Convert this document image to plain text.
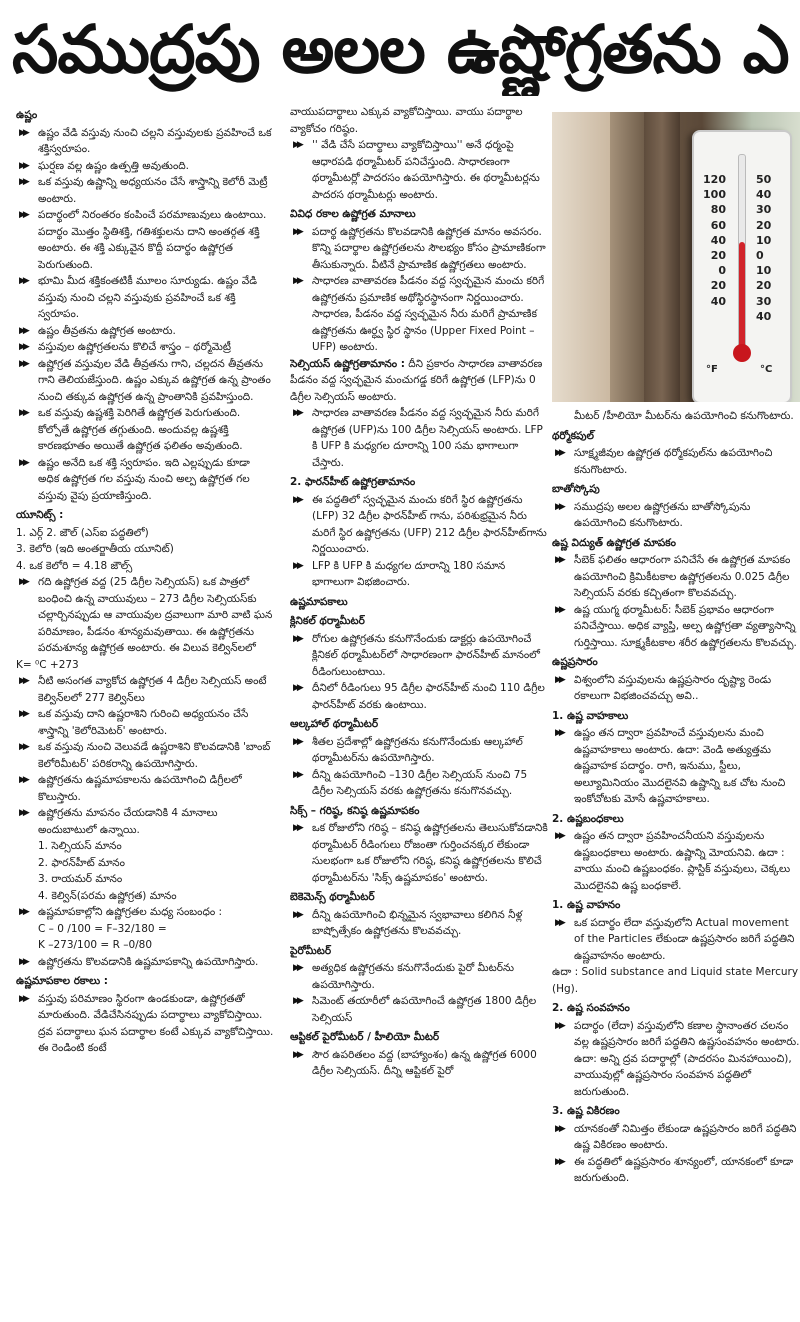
సముద్రపు అలల ఉష్ణోగ్రతను ఎ
ఉష్ణం
▶▶ ఉష్ణం వేడి వస్తువు నుంచి చల్లని వస్తువులకు ప్రవహించే ఒక శక్తిస్వరూపం.
▶▶ ఘర్షణ వల్ల ఉష్ణం ఉత్పత్తి అవుతుంది.
▶▶ ఒక వస్తువు ఉష్ణాన్ని అధ్యయనం చేసే శాస్త్రాన్ని కెలోరీ మెట్రీ అంటారు.
▶▶ పదార్థంలో నిరంతరం కంపించే పరమాణువులు ఉంటాయి. పదార్థం మొత్తం స్థితిశక్తి, గతిశక్తులను దాని అంతర్గత శక్తి అంటారు. ఈ శక్తి ఎక్కువైన కొద్దీ పదార్థం ఉష్ణోగ్రత పెరుగుతుంది.
▶▶ భూమి మీద శక్తికంతటికీ మూలం సూర్యుడు. ఉష్ణం వేడి వస్తువు నుంచి చల్లని వస్తువుకు ప్రవహించే ఒక శక్తి స్వరూపం.
▶▶ ఉష్ణం తీవ్రతను ఉష్ణోగ్రత అంటారు.
▶▶ వస్తువుల ఉష్ణోగ్రతలను కొలిచే శాస్త్రం – థర్మోమెట్రీ
▶▶ ఉష్ణోగ్రత వస్తువుల వేడి తీవ్రతను గాని, చల్లదన తీవ్రతను గాని తెలియజేస్తుంది. ఉష్ణం ఎక్కువ ఉష్ణోగ్రత ఉన్న ప్రాంతం నుంచి తక్కువ ఉష్ణోగ్రత ఉన్న ప్రాంతానికి ప్రవహిస్తుంది.
▶▶ ఒక వస్తువు ఉష్ణశక్తి పెరిగితే ఉష్ణోగ్రత పెరుగుతుంది. కోల్పోతే ఉష్ణోగ్రత తగ్గుతుంది. అందువల్ల ఉష్ణశక్తి కారణభూతం అయితే ఉష్ణోగ్రత ఫలితం అవుతుంది.
▶▶ ఉష్ణం అనేది ఒక శక్తి స్వరూపం. ఇది ఎల్లప్పుడు కూడా అధిక ఉష్ణోగ్రత గల వస్తువు నుంచి అల్ప ఉష్ణోగ్రత గల వస్తువు వైపు ప్రయాణిస్తుంది.
యూనిట్స్ :
1. ఎర్గ్ 2. జౌల్ (ఎస్ఐ పద్ధతిలో)
3. కెలోరి (ఇది అంతర్జాతీయ యూనిట్)
4. ఒక కెలోరి = 4.18 జౌల్స్
▶▶ గది ఉష్ణోగ్రత వద్ద (25 డిగ్రీల సెల్సియస్) ఒక పాత్రలో బంధించి ఉన్న వాయువులు – 273 డిగ్రీల సెల్సియస్‌కు చల్లార్చినప్పుడు ఆ వాయువుల ద్రవాలుగా మారి వాటి ఘన పరిమాణం, పీడనం శూన్యమవుతాయి. ఈ ఉష్ణోగ్రతను పరమశూన్య ఉష్ణోగ్రత అంటారు. ఈ విలువ కెల్విన్‌లలో
K= ⁰C +273
▶▶ నీటి అసంగత వ్యాకోచ ఉష్ణోగ్రత 4 డిగ్రీల సెల్సియస్ అంటే కెల్విన్‌లలో 277 కెల్విన్‌లు
▶▶ ఒక వస్తువు దాని ఉష్ణరాశిని గురించి అధ్యయనం చేసే శాస్త్రాన్ని 'కెలోరిమెటర్' అంటారు.
▶▶ ఒక వస్తువు నుంచి వెలువడే ఉష్ణరాశిని కొలవడానికి 'బాంబ్ కెలోరిమీటర్' పరికరాన్ని ఉపయోగిస్తారు.
▶▶ ఉష్ణోగ్రతను ఉష్ణమాపకాలను ఉపయోగించి డిగ్రీలలో కొలుస్తారు.
▶▶ ఉష్ణోగ్రతను మాపనం చేయడానికి 4 మానాలు అందుబాటులో ఉన్నాయి.
1. సెల్సియస్ మానం
2. ఫారన్‌హీట్ మానం
3. రాయమర్ మానం
4. కెల్విన్(పరమ ఉష్ణోగ్రత) మానం
▶▶ ఉష్ణమాపకాల్లోని ఉష్ణోగ్రతల మధ్య సంబంధం :
C – 0 /100 = F–32/180 =
K –273/100 = R –0/80
▶▶ ఉష్ణోగ్రతను కొలవడానికి ఉష్ణమాపకాన్ని ఉపయోగిస్తారు.
ఉష్ణమాపకాల రకాలు :
▶▶ వస్తువు పరిమాణం స్థిరంగా ఉండకుండా, ఉష్ణోగ్రతతో మారుతుంది. వేడిచేసినప్పుడు పదార్థాలు వ్యాకోచిస్తాయి. ద్రవ పదార్థాలు ఘన పదార్థాల కంటే ఎక్కువ వ్యాకోచిస్తాయి. ఈ రెండింటి కంటే
వాయుపదార్థాలు ఎక్కువ వ్యాకోచిస్తాయి. వాయు పదార్థాల వ్యాకోచం గరిష్ఠం.
▶▶ '' వేడి చేసే పదార్థాలు వ్యాకోచిస్తాయి'' అనే ధర్మంపై ఆధారపడి థర్మామీటర్ పనిచేస్తుంది. సాధారణంగా థర్మామీటర్లో పాదరసం ఉపయోగిస్తారు. ఈ థర్మామీటర్లను పాదరస థర్మామీటర్లు అంటారు.
వివిధ రకాల ఉష్ణోగ్రత మానాలు
▶▶ పదార్థ ఉష్ణోగ్రతను కొలవడానికి ఉష్ణోగ్రత మానం అవసరం. కొన్ని పదార్థాల ఉష్ణోగ్రతలను సౌలభ్యం కోసం ప్రామాణికంగా తీసుకున్నారు. వీటినే ప్రామాణిక ఉష్ణోగ్రతలు అంటారు.
▶▶ సాధారణ వాతావరణ పీడనం వద్ద స్వచ్ఛమైన మంచు కరిగే ఉష్ణోగ్రతను ప్రమాణిక అథోస్థిరస్థానంగా నిర్ణయించారు. సాధారణ, పీడనం వద్ద స్వచ్ఛమైన నీరు మరిగే ప్రామాణిక ఉష్ణోగ్రతను ఊర్ధ్వ స్థిర స్థానం (Upper Fixed Point – UFP) అంటారు.
సెల్సియస్ ఉష్ణోగ్రతామానం : దీని ప్రకారం సాధారణ వాతావరణ పీడనం వద్ద స్వచ్ఛమైన మంచుగడ్డ కరిగే ఉష్ణోగ్రత (LFP)ను 0 డిగ్రీల సెల్సియస్ అంటారు.
▶▶ సాధారణ వాతావరణ పీడనం వద్ద స్వచ్ఛమైన నీరు మరిగే ఉష్ణోగ్రత (UFP)ను 100 డిగ్రీల సెల్సియస్ అంటారు. LFP కి UFP కి మధ్యగల దూరాన్ని 100 సమ భాగాలుగా చేస్తారు.
2. ఫారన్‌హీట్ ఉష్ణోగ్రతామానం
▶▶ ఈ పద్ధతిలో స్వచ్ఛమైన మంచు కరిగే స్థిర ఉష్ణోగ్రతను (LFP) 32 డిగ్రీల ఫారన్‌హీట్ గాను, పరిశుభ్రమైన నీరు మరిగే స్థిర ఉష్ణోగ్రతను (UFP) 212 డిగ్రీల ఫారన్‌హీట్‌గాను నిర్ణయించారు.
▶▶ LFP కి UFP కి మధ్యగల దూరాన్ని 180 సమాన భాగాలుగా విభజించారు.
ఉష్ణమాపకాలు
క్లినికల్ థర్మామీటర్
▶▶ రోగుల ఉష్ణోగ్రతను కనుగొనేందుకు డాక్టర్లు ఉపయోగించే క్లినికల్ థర్మామీటర్‌లో సాధారణంగా ఫారన్‌హీట్ మానంలో రీడింగులుంటాయి.
▶▶ దీనిలో రీడింగులు 95 డిగ్రీల ఫారన్‌హీట్ నుంచి 110 డిగ్రీల ఫారన్‌హీట్ వరకు ఉంటాయి.
ఆల్కహాల్ థర్మామీటర్
▶▶ శీతల ప్రదేశాల్లో ఉష్ణోగ్రతను కనుగొనేందుకు ఆల్కహాల్ థర్మామీటర్‌ను ఉపయోగిస్తారు.
▶▶ దీన్ని ఉపయోగించి –130 డిగ్రీల సెల్సియస్ నుంచి 75 డిగ్రీల సెల్సియస్ వరకు ఉష్ణోగ్రతను కనుగొనవచ్చు.
సిక్స్ – గరిష్ఠ, కనిష్ఠ ఉష్ణమాపకం
▶▶ ఒక రోజులోని గరిష్ఠ – కనిష్ఠ ఉష్ణోగ్రతలను తెలుసుకోవడానికి థర్మామీటర్ రీడింగులు రోజంతా గుర్తించనక్కర లేకుండా సులభంగా ఒక రోజులోని గరిష్ఠ, కనిష్ఠ ఉష్ణోగ్రతలను కొలిచే థర్మామీటర్‌ను 'సిక్స్ ఉష్ణమాపకం' అంటారు.
బెకెమెన్స్ థర్మామీటర్
▶▶ దీన్ని ఉపయోగించి భిన్నమైన స్వభావాలు కలిగిన నీళ్ల బాష్పోత్సేకం ఉష్ణోగ్రతను కొలవవచ్చు.
పైరోమీటర్
▶▶ అత్యధిక ఉష్ణోగ్రతను కనుగొనేందుకు పైరో మీటర్‌ను ఉపయోగిస్తారు.
▶▶ సిమెంట్ తయారీలో ఉపయోగించే ఉష్ణోగ్రత 1800 డిగ్రీల సెల్సియస్
ఆప్టికల్ పైరోమీటర్ / హీలియో మీటర్
▶▶ సౌర ఉపరితలం వద్ద (బాహ్యాంశం) ఉన్న ఉష్ణోగ్రత 6000 డిగ్రీల సెల్సియస్. దీన్ని ఆప్టికల్ పైరో
120
100
80
60
40
20
0
20
40
50
40
30
20
10
0
10
20
30
40
°F	°C
మీటర్ /హీలియో మీటర్‌ను ఉపయోగించి కనుగొంటారు.
థర్మోకపుల్
▶▶ సూక్ష్మజీవుల ఉష్ణోగ్రత థర్మోకపుల్‌ను ఉపయోగించి కనుగొంటారు.
బాతోస్కోపు
▶▶ సముద్రపు అలల ఉష్ణోగ్రతను బాతోస్కోపును ఉపయోగించి కనుగొంటారు.
ఉష్ణ విద్యుత్ ఉష్ణోగ్రత మాపకం
▶▶ సీబెక్ ఫలితం ఆధారంగా పనిచేసే ఈ ఉష్ణోగ్రత మాపకం ఉపయోగించి క్రిమికీటకాల ఉష్ణోగ్రతలను 0.025 డిగ్రీల సెల్సియస్ వరకు కచ్చితంగా కొలవవచ్చు.
▶▶ ఉష్ణ యుగ్మ థర్మామీటర్: సీబెక్ ప్రభావం ఆధారంగా పనిచేస్తాయి. అధిక వ్యాప్తి, అల్ప ఉష్ణోగ్రతా వ్యత్యాసాన్ని గుర్తిస్తాయి. సూక్ష్మకీటకాల శరీర ఉష్ణోగ్రతలను కొలవచ్చు.
ఉష్ణప్రసారం
▶▶ విశ్వంలోని వస్తువులను ఉష్ణప్రసారం దృష్ట్యా రెండు రకాలుగా విభజించవచ్చు అవి..
1. ఉష్ణ వాహకాలు
▶▶ ఉష్ణం తన ద్వారా ప్రవహించే వస్తువులను మంచి ఉష్ణవాహకాలు అంటారు. ఉదా: వెండి అత్యుత్తమ ఉష్ణవాహక పదార్థం. రాగి, ఇనుము, స్టీలు, అల్యూమినియం మొదలైనవి ఉష్ణాన్ని ఒక చోట నుంచి ఇంకోచోటకు మోసే ఉష్ణవాహకాలు.
2. ఉష్ణబంధకాలు
▶▶ ఉష్ణం తన ద్వారా ప్రవహించనీయని వస్తువులను ఉష్ణబంధకాలు అంటారు. ఉష్ణాన్ని మోయనివి. ఉదా : వాయు మంచి ఉష్ణబంధకం. ప్లాస్టిక్ వస్తువులు, చెక్కలు మొదలైనవి ఉష్ణ బంధకాలే.
1. ఉష్ణ వాహనం
▶▶ ఒక పదార్థం లేదా వస్తువులోని Actual movement of the Particles లేకుండా ఉష్ణప్రసారం జరిగే పద్ధతిని ఉష్ణవాహనం అంటారు.
ఉదా : Solid substance and Liquid state Mercury (Hg).
2. ఉష్ణ సంవహనం
▶▶ పదార్థం (లేదా) వస్తువులోని కణాల స్థానాంతర చలనం వల్ల ఉష్ణప్రసారం జరిగే పద్ధతిని ఉష్ణసంవహనం అంటారు. ఉదా: అన్ని ద్రవ పదార్థాల్లో (పాదరసం మినహాయించి), వాయువుల్లో ఉష్ణప్రసారం సంవహన పద్ధతిలో జరుగుతుంది.
3. ఉష్ణ వికిరణం
▶▶ యానకంతో నిమిత్తం లేకుండా ఉష్ణప్రసారం జరిగే పద్ధతిని ఉష్ణ వికిరణం అంటారు.
▶▶ ఈ పద్ధతిలో ఉష్ణప్రసారం శూన్యంలో, యానకంలో కూడా జరుగుతుంది.
